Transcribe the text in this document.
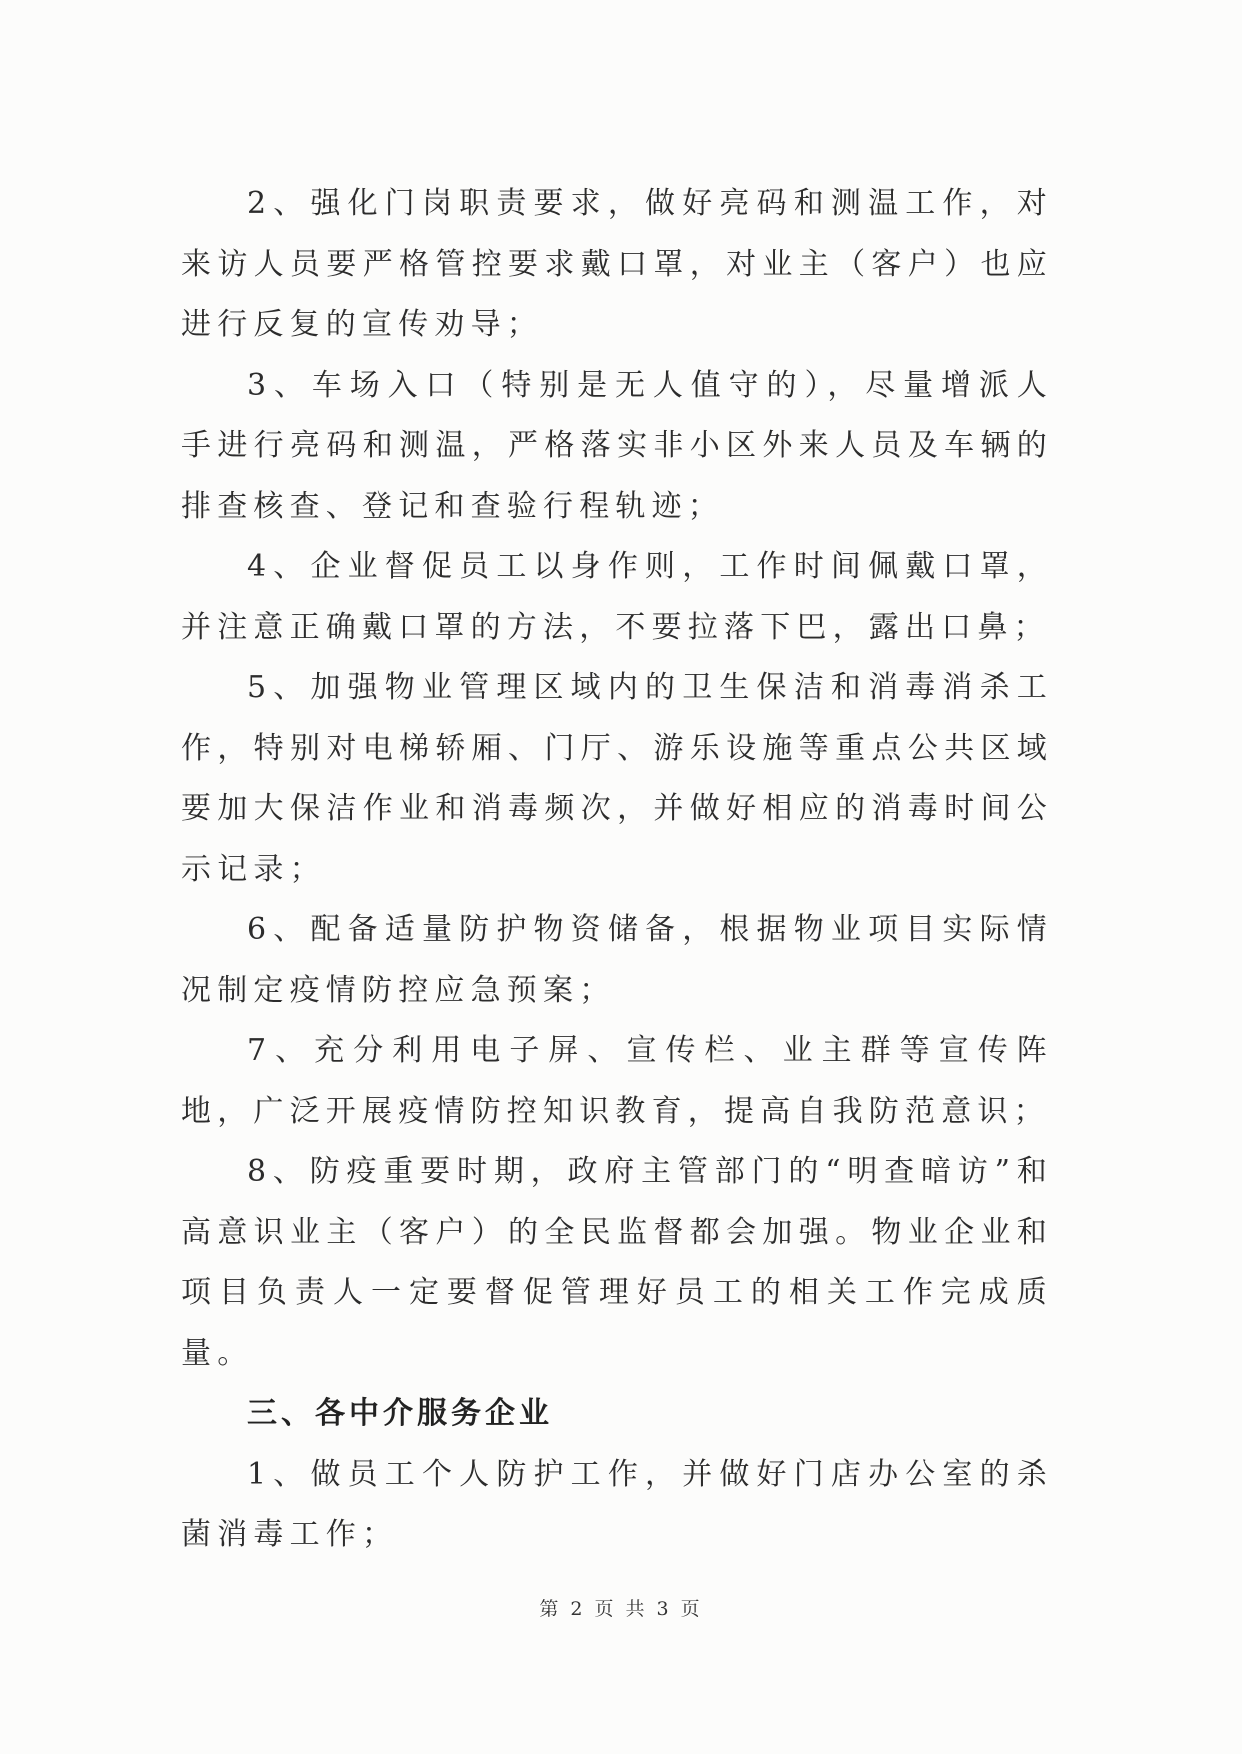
2、强化门岗职责要求，做好亮码和测温工作，对来访人员要严格管控要求戴口罩，对业主（客户）也应进行反复的宣传劝导；

3、车场入口（特别是无人值守的），尽量增派人手进行亮码和测温，严格落实非小区外来人员及车辆的排查核查、登记和查验行程轨迹；

4、企业督促员工以身作则，工作时间佩戴口罩，并注意正确戴口罩的方法，不要拉落下巴，露出口鼻；

5、加强物业管理区域内的卫生保洁和消毒消杀工作，特别对电梯轿厢、门厅、游乐设施等重点公共区域要加大保洁作业和消毒频次，并做好相应的消毒时间公示记录；

6、配备适量防护物资储备，根据物业项目实际情况制定疫情防控应急预案；

7、充分利用电子屏、宣传栏、业主群等宣传阵地，广泛开展疫情防控知识教育，提高自我防范意识；

8、防疫重要时期，政府主管部门的“明查暗访”和高意识业主（客户）的全民监督都会加强。物业企业和项目负责人一定要督促管理好员工的相关工作完成质量。

三、各中介服务企业

1、做员工个人防护工作，并做好门店办公室的杀菌消毒工作；

第 2 页 共 3 页
